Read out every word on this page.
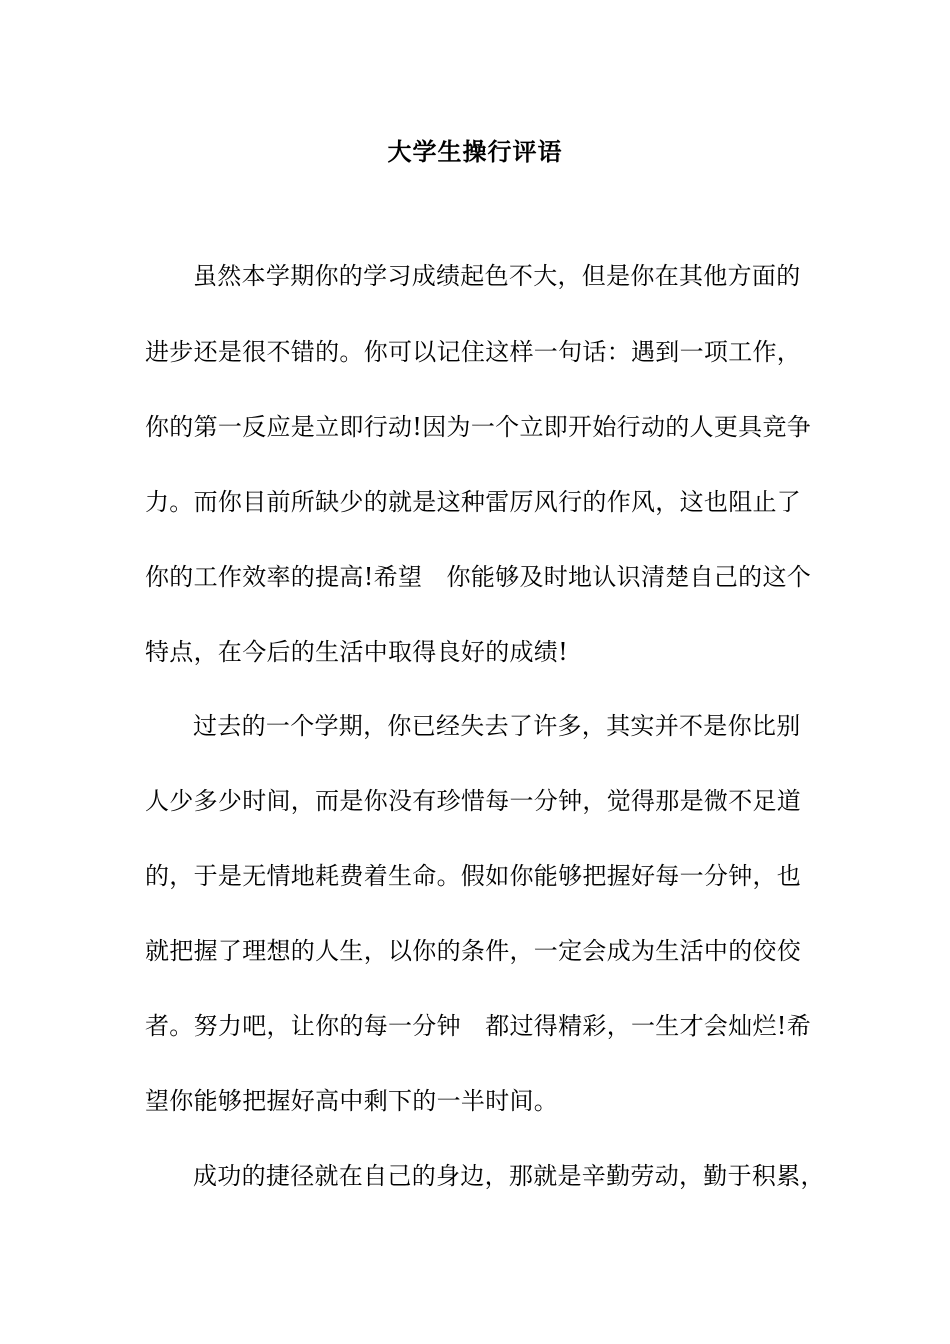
大学生操行评语
虽然本学期你的学习成绩起色不大，但是你在其他方面的
进步还是很不错的。你可以记住这样一句话：遇到一项工作，
你的第一反应是立即行动!因为一个立即开始行动的人更具竞争
力。而你目前所缺少的就是这种雷厉风行的作风，这也阻止了
你的工作效率的提高!希望　你能够及时地认识清楚自己的这个
特点，在今后的生活中取得良好的成绩!
过去的一个学期，你已经失去了许多，其实并不是你比别
人少多少时间，而是你没有珍惜每一分钟，觉得那是微不足道
的，于是无情地耗费着生命。假如你能够把握好每一分钟，也
就把握了理想的人生，以你的条件，一定会成为生活中的佼佼
者。努力吧，让你的每一分钟　都过得精彩，一生才会灿烂!希
望你能够把握好高中剩下的一半时间。
成功的捷径就在自己的身边，那就是辛勤劳动，勤于积累，
